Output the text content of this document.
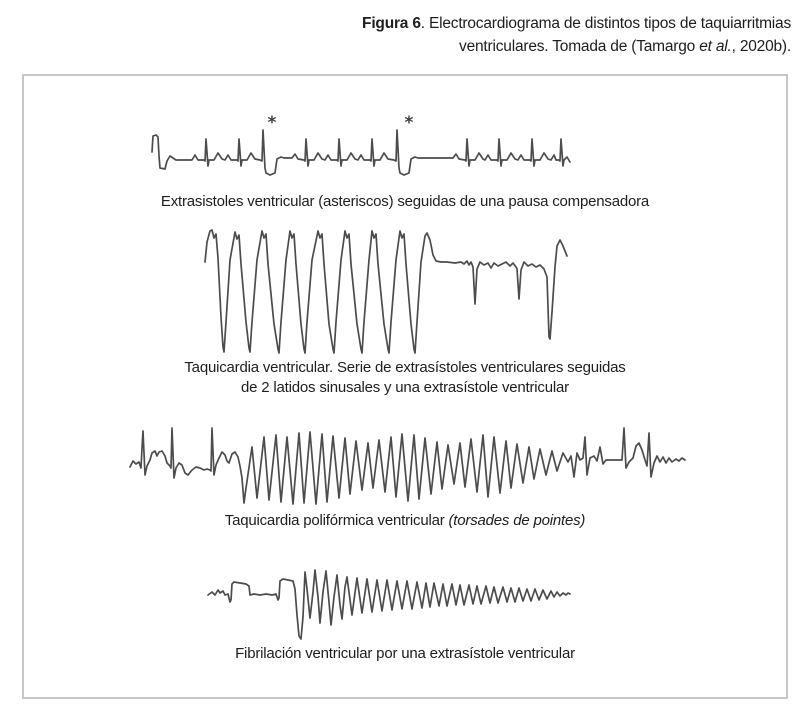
Figura 6. Electrocardiograma de distintos tipos de taquiarritmias
ventriculares. Tomada de (Tamargo et al., 2020b).
*	*
Extrasistoles ventricular (asteriscos) seguidas de una pausa compensadora
Taquicardia ventricular. Serie de extrasístoles ventriculares seguidas
de 2 latidos sinusales y una extrasístole ventricular
Taquicardia polifórmica ventricular (torsades de pointes)
Fibrilación ventricular por una extrasístole ventricular
